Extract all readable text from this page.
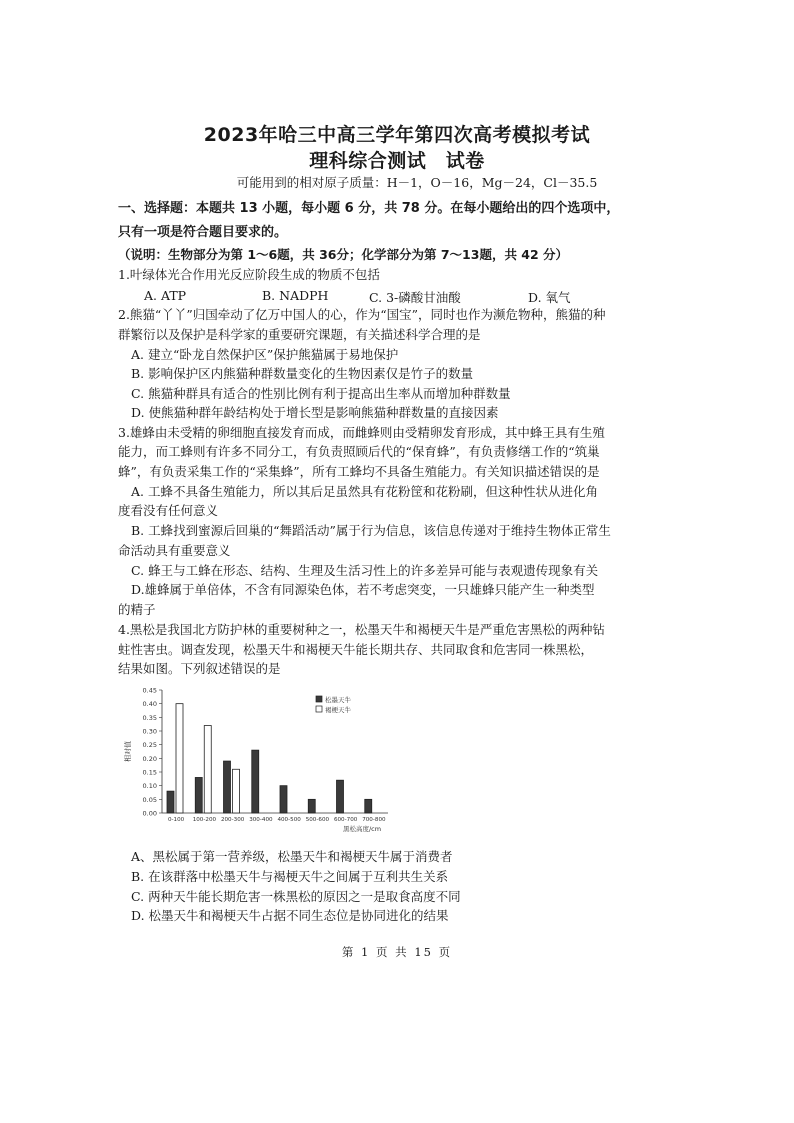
2023年哈三中高三学年第四次高考模拟考试
理科综合测试　试卷
可能用到的相对原子质量：H－1，O－16，Mg－24，Cl－35.5
一、选择题：本题共 13 小题，每小题 6 分，共 78 分。在每小题给出的四个选项中，
只有一项是符合题目要求的。
（说明：生物部分为第 1～6题，共 36分；化学部分为第 7～13题，共 42 分）
1.叶绿体光合作用光反应阶段生成的物质不包括
A. ATP	B. NADPH	C. 3-磷酸甘油酸	D. 氧气
2.熊猫“丫丫”归国牵动了亿万中国人的心，作为“国宝”，同时也作为濒危物种，熊猫的种
群繁衍以及保护是科学家的重要研究课题，有关描述科学合理的是
A. 建立“卧龙自然保护区”保护熊猫属于易地保护
B. 影响保护区内熊猫种群数量变化的生物因素仅是竹子的数量
C. 熊猫种群具有适合的性别比例有利于提高出生率从而增加种群数量
D. 使熊猫种群年龄结构处于增长型是影响熊猫种群数量的直接因素
3.雄蜂由未受精的卵细胞直接发育而成，而雌蜂则由受精卵发育形成，其中蜂王具有生殖
能力，而工蜂则有许多不同分工，有负责照顾后代的“保育蜂”，有负责修缮工作的“筑巢
蜂”，有负责采集工作的“采集蜂”，所有工蜂均不具备生殖能力。有关知识描述错误的是
A. 工蜂不具备生殖能力，所以其后足虽然具有花粉筐和花粉刷，但这种性状从进化角
度看没有任何意义
B. 工蜂找到蜜源后回巢的“舞蹈活动”属于行为信息，该信息传递对于维持生物体正常生
命活动具有重要意义
C. 蜂王与工蜂在形态、结构、生理及生活习性上的许多差异可能与表观遗传现象有关
D.雄蜂属于单倍体，不含有同源染色体，若不考虑突变，一只雄蜂只能产生一种类型
的精子
4.黑松是我国北方防护林的重要树种之一，松墨天牛和褐梗天牛是严重危害黑松的两种钻
蛀性害虫。调查发现，松墨天牛和褐梗天牛能长期共存、共同取食和危害同一株黑松，
结果如图。下列叙述错误的是
0.00
0.05
0.10
0.15
0.20
0.25
0.30
0.35
0.40
0.45
相对值
0-100 100-200 200-300 300-400 400-500 500-600 600-700 700-800
黑松高度/cm
松墨天牛
褐梗天牛
A、黑松属于第一营养级，松墨天牛和褐梗天牛属于消费者
B. 在该群落中松墨天牛与褐梗天牛之间属于互利共生关系
C. 两种天牛能长期危害一株黑松的原因之一是取食高度不同
D. 松墨天牛和褐梗天牛占据不同生态位是协同进化的结果
第 1 页 共 15 页
